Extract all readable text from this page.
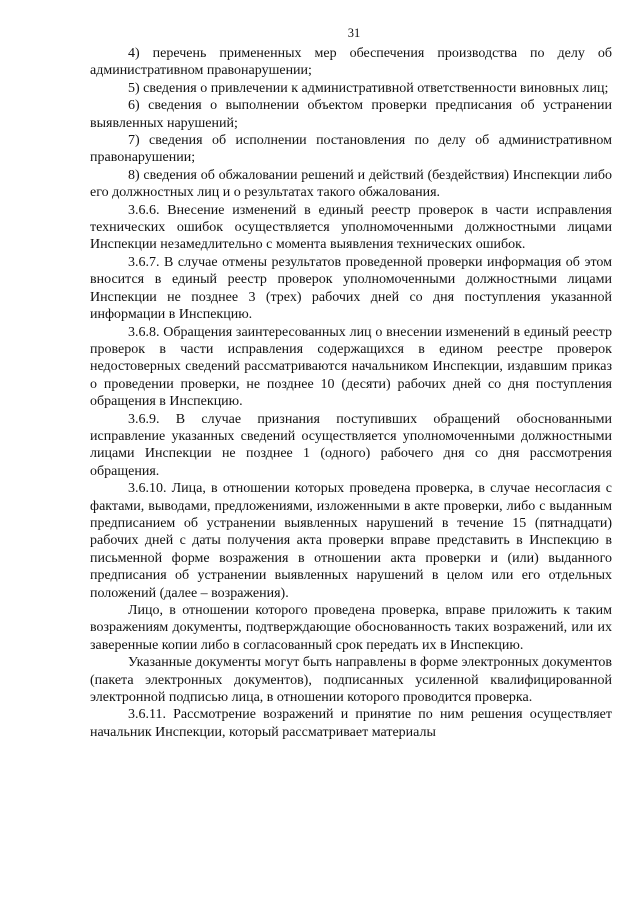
31

4) перечень примененных мер обеспечения производства по делу об административном правонарушении;

5) сведения о привлечении к административной ответственности виновных лиц;

6) сведения о выполнении объектом проверки предписания об устранении выявленных нарушений;

7) сведения об исполнении постановления по делу об административном правонарушении;

8) сведения об обжаловании решений и действий (бездействия) Инспекции либо его должностных лиц и о результатах такого обжалования.

3.6.6. Внесение изменений в единый реестр проверок в части исправления технических ошибок осуществляется уполномоченными должностными лицами Инспекции незамедлительно с момента выявления технических ошибок.

3.6.7. В случае отмены результатов проведенной проверки информация об этом вносится в единый реестр проверок уполномоченными должностными лицами Инспекции не позднее 3 (трех) рабочих дней со дня поступления указанной информации в Инспекцию.

3.6.8. Обращения заинтересованных лиц о внесении изменений в единый реестр проверок в части исправления содержащихся в едином реестре проверок недостоверных сведений рассматриваются начальником Инспекции, издавшим приказ о проведении проверки, не позднее 10 (десяти) рабочих дней со дня поступления обращения в Инспекцию.

3.6.9. В случае признания поступивших обращений обоснованными исправление указанных сведений осуществляется уполномоченными должностными лицами Инспекции не позднее 1 (одного) рабочего дня со дня рассмотрения обращения.

3.6.10. Лица, в отношении которых проведена проверка, в случае несогласия с фактами, выводами, предложениями, изложенными в акте проверки, либо с выданным предписанием об устранении выявленных нарушений в течение 15 (пятнадцати) рабочих дней с даты получения акта проверки вправе представить в Инспекцию в письменной форме возражения в отношении акта проверки и (или) выданного предписания об устранении выявленных нарушений в целом или его отдельных положений (далее – возражения).

Лицо, в отношении которого проведена проверка, вправе приложить к таким возражениям документы, подтверждающие обоснованность таких возражений, или их заверенные копии либо в согласованный срок передать их в Инспекцию.

Указанные документы могут быть направлены в форме электронных документов (пакета электронных документов), подписанных усиленной квалифицированной электронной подписью лица, в отношении которого проводится проверка.

3.6.11. Рассмотрение возражений и принятие по ним решения осуществляет начальник Инспекции, который рассматривает материалы
